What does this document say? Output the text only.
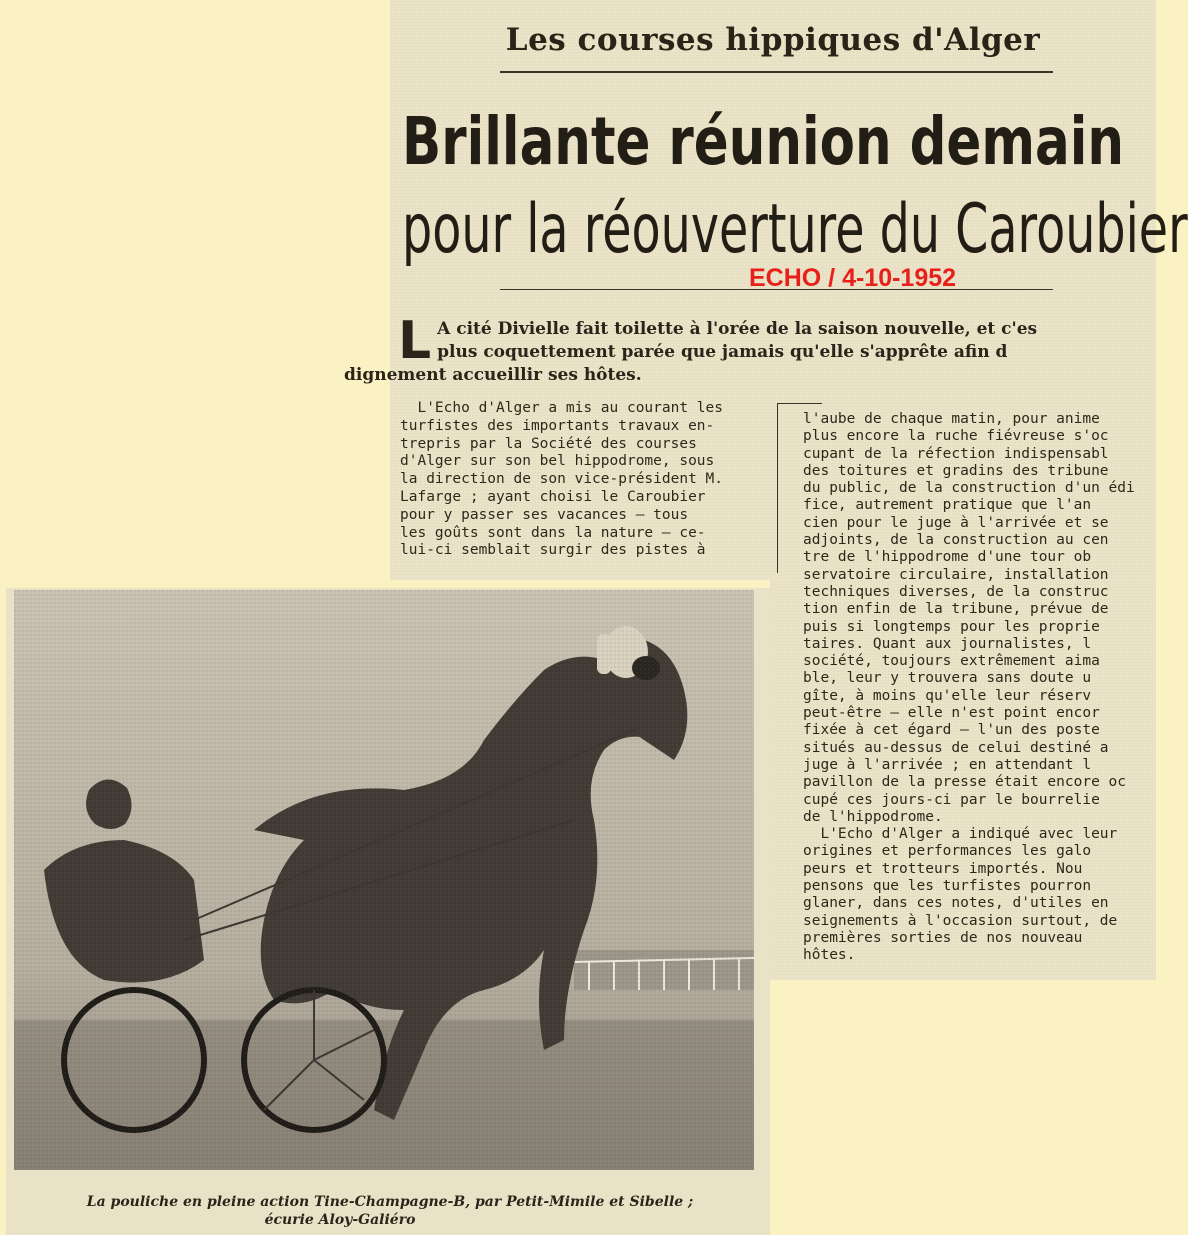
Les courses hippiques d'Alger
Brillante réunion demain
pour la réouverture du Caroubier
ECHO / 4-10-1952
L A cité Divielle fait toilette à l'orée de la saison nouvelle, et c'es
plus coquettement parée que jamais qu'elle s'apprête afin d
dignement accueillir ses hôtes.
L'Echo d'Alger a mis au courant les
turfistes des importants travaux en-
trepris par la Société des courses
d'Alger sur son bel hippodrome, sous
la direction de son vice-président M.
Lafarge ; ayant choisi le Caroubier
pour y passer ses vacances — tous
les goûts sont dans la nature — ce-
lui-ci semblait surgir des pistes à
l'aube de chaque matin, pour anime
plus encore la ruche fiévreuse s'oc
cupant de la réfection indispensabl
des toitures et gradins des tribune
du public, de la construction d'un édi
fice, autrement pratique que l'an
cien pour le juge à l'arrivée et se
adjoints, de la construction au cen
tre de l'hippodrome d'une tour ob
servatoire circulaire, installation
techniques diverses, de la construc
tion enfin de la tribune, prévue de
puis si longtemps pour les proprie
taires. Quant aux journalistes, l
société, toujours extrêmement aima
ble, leur y trouvera sans doute u
gîte, à moins qu'elle leur réserv
peut-être — elle n'est point encor
fixée à cet égard — l'un des poste
situés au-dessus de celui destiné a
juge à l'arrivée ; en attendant l
pavillon de la presse était encore oc
cupé ces jours-ci par le bourrelie
de l'hippodrome.
L'Echo d'Alger a indiqué avec leur
origines et performances les galo
peurs et trotteurs importés. Nou
pensons que les turfistes pourron
glaner, dans ces notes, d'utiles en
seignements à l'occasion surtout, de
premières sorties de nos nouveau
hôtes.
La pouliche en pleine action Tine-Champagne-B, par Petit-Mimile et Sibelle ;
écurie Aloy-Galiéro
